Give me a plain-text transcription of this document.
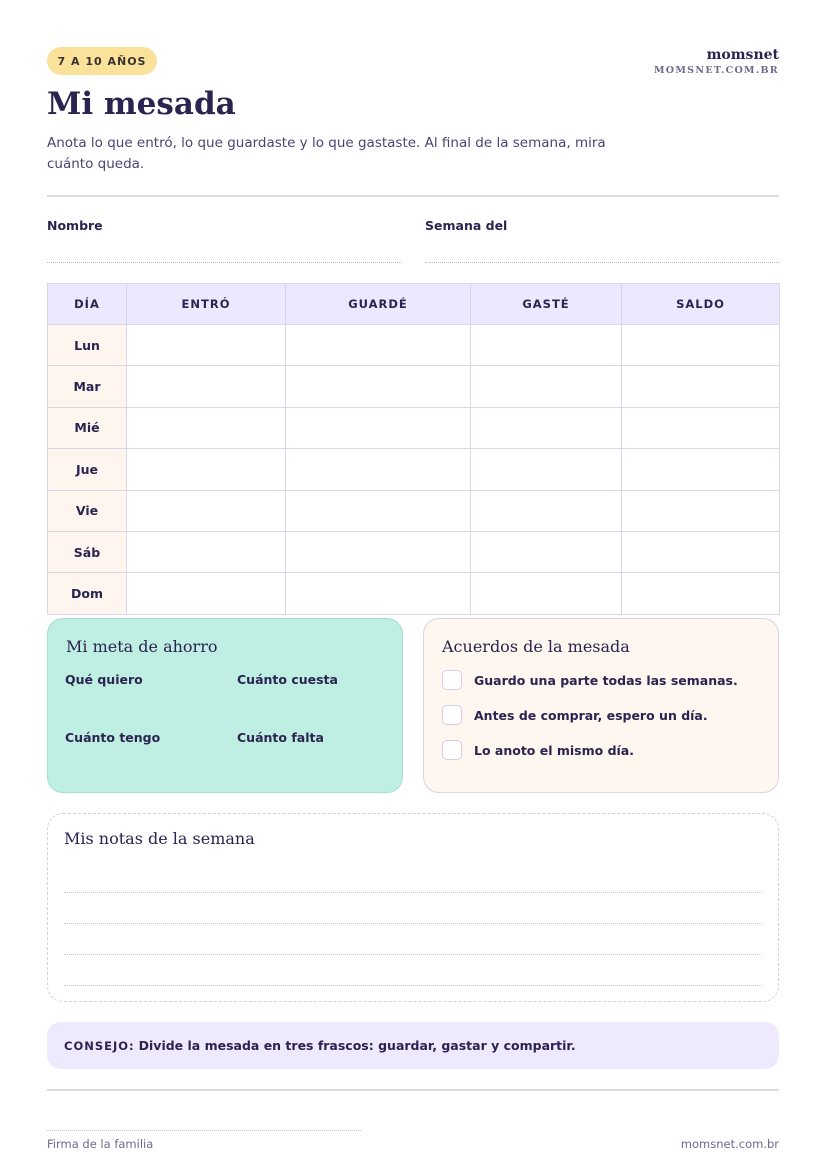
7 A 10 AÑOS	momsnet
MOMSNET.COM.BR
Mi mesada
Anota lo que entró, lo que guardaste y lo que gastaste. Al final de la semana, mira cuánto queda.
Nombre	Semana del
DÍA	ENTRÓ	GUARDÉ	GASTÉ	SALDO
Lun				
Mar				
Mié				
Jue				
Vie				
Sáb				
Dom				
Mi meta de ahorro
Qué quiero	Cuánto cuesta
Cuánto tengo	Cuánto falta
Acuerdos de la mesada
Guardo una parte todas las semanas.
Antes de comprar, espero un día.
Lo anoto el mismo día.
Mis notas de la semana
CONSEJO: Divide la mesada en tres frascos: guardar, gastar y compartir.
Firma de la familia	momsnet.com.br
